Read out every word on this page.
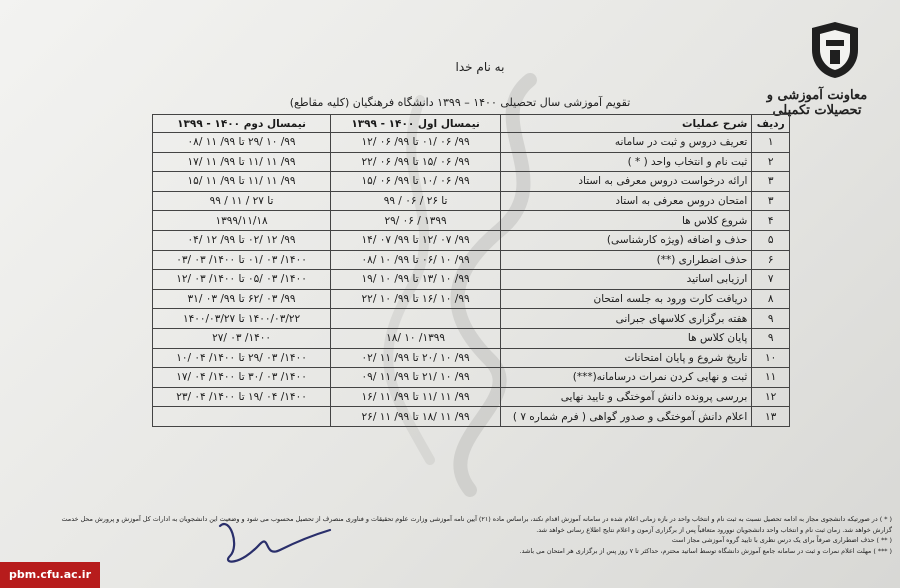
معاونت آموزشی و تحصیلات تکمیلی
به نام خدا
تقویم آموزشی سال تحصیلی ۱۴۰۰ – ۱۳۹۹ دانشگاه فرهنگیان (کلیه مقاطع)
ردیف	شرح عملیات	نیمسال اول ۱۴۰۰ - ۱۳۹۹	نیمسال دوم ۱۴۰۰ - ۱۳۹۹
۱	تعریف دروس و ثبت در سامانه	۹۹/ ۰۶ /۰۱ تا ۹۹/ ۰۶ /۱۲	۹۹/ ۱۰ /۲۹ تا ۹۹/ ۱۱ /۰۸
۲	ثبت نام و انتخاب واحد ( * )	۹۹/ ۰۶ /۱۵ تا ۹۹/ ۰۶ /۲۲	۹۹/ ۱۱ /۱۱ تا ۹۹/ ۱۱ /۱۷
۳	ارائه درخواست دروس معرفی به استاد	۹۹/ ۰۶ /۱۰ تا ۹۹/ ۰۶ /۱۵	۹۹/ ۱۱ /۱۱ تا ۹۹/ ۱۱ /۱۵
۳	امتحان دروس معرفی به استاد	تا ۲۶ / ۰۶ / ۹۹	تا ۲۷ / ۱۱ / ۹۹
۴	شروع کلاس ها	۱۳۹۹ / ۰۶ /۲۹	۱۳۹۹/۱۱/۱۸
۵	حذف و اضافه (ویژه کارشناسی)	۹۹/ ۰۷ /۱۲ تا ۹۹/ ۰۷ /۱۴	۹۹/ ۱۲ /۰۲ تا ۹۹/ ۱۲ /۰۴
۶	حذف اضطراری (**)	۹۹/ ۱۰ /۰۶ تا ۹۹/ ۱۰ /۰۸	۱۴۰۰/ ۰۳ /۰۱ تا ۱۴۰۰/ ۰۳ /۰۳
۷	ارزیابی اساتید	۹۹/ ۱۰ /۱۳ تا ۹۹/ ۱۰ /۱۹	۱۴۰۰/ ۰۳ /۰۵ تا ۱۴۰۰/ ۰۳ /۱۲
۸	دریافت کارت ورود به جلسه امتحان	۹۹/ ۱۰ /۱۶ تا ۹۹/ ۱۰ /۲۲	۹۹/ ۰۳ /۶۲ تا ۹۹/ ۰۳ /۳۱
۹	هفته برگزاری کلاسهای جبرانی		۱۴۰۰/۰۳/۲۲ تا ۱۴۰۰/۰۳/۲۷
۹	پایان کلاس ها	۱۳۹۹/ ۱۰ /۱۸	۱۴۰۰/ ۰۳ /۲۷
۱۰	تاریخ شروع و پایان امتحانات	۹۹/ ۱۰ /۲۰ تا ۹۹/ ۱۱ /۰۲	۱۴۰۰/ ۰۳ /۲۹ تا ۱۴۰۰/ ۰۴ /۱۰
۱۱	ثبت و نهایی کردن نمرات درسامانه(***)	۹۹/ ۱۰ /۲۱ تا ۹۹/ ۱۱ /۰۹	۱۴۰۰/ ۰۳ /۳۰ تا ۱۴۰۰/ ۰۴ /۱۷
۱۲	بررسی پرونده دانش آموختگی و تایید نهایی	۹۹/ ۱۱ /۱۱ تا ۹۹/ ۱۱ /۱۶	۱۴۰۰/ ۰۴ /۱۹ تا ۱۴۰۰/ ۰۴ /۲۳
۱۳	اعلام دانش آموختگی و صدور گواهی ( فرم شماره ۷ )	۹۹/ ۱۱ /۱۸ تا ۹۹/ ۱۱ /۲۶	

( * ) در صورتیکه دانشجوی مجاز به ادامه تحصیل نسبت به ثبت نام و انتخاب واحد در بازه زمانی اعلام شده در سامانه آموزش اقدام نکند، براساس ماده (۲۱) آیین نامه آموزشی وزارت علوم تحقیقات و فناوری منصرف از تحصیل محسوب می شود و وضعیت این دانشجویان به ادارات کل آموزش و پرورش محل خدمت

گزارش خواهد شد. زمان ثبت نام و انتخاب واحد دانشجویان نوورود متعاقباً پس از برگزاری آزمون و اعلام نتایج اطلاع رسانی خواهد شد.

( ** ) حذف اضطراری صرفاً برای یک درس نظری با تایید گروه آموزشی مجاز است

( *** ) مهلت اعلام نمرات و ثبت در سامانه جامع آموزش دانشگاه توسط اساتید محترم، حداکثر تا ۷ روز پس از برگزاری هر امتحان می باشد.

pbm.cfu.ac.ir
